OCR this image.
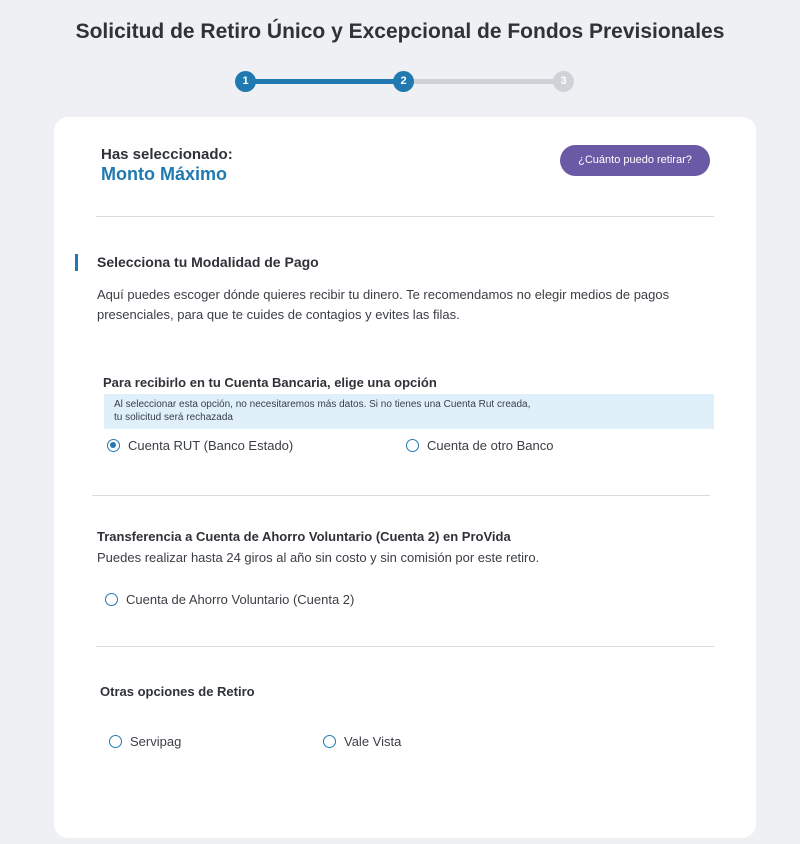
Solicitud de Retiro Único y Excepcional de Fondos Previsionales
1	2	3
Has seleccionado:
Monto Máximo
¿Cuánto puedo retirar?
Selecciona tu Modalidad de Pago
Aquí puedes escoger dónde quieres recibir tu dinero. Te recomendamos no elegir medios de pagos
presenciales, para que te cuides de contagios y evites las filas.
Para recibirlo en tu Cuenta Bancaria, elige una opción
Al seleccionar esta opción, no necesitaremos más datos. Si no tienes una Cuenta Rut creada,
tu solicitud será rechazada
Cuenta RUT (Banco Estado)	Cuenta de otro Banco
Transferencia a Cuenta de Ahorro Voluntario (Cuenta 2) en ProVida
Puedes realizar hasta 24 giros al año sin costo y sin comisión por este retiro.
Cuenta de Ahorro Voluntario (Cuenta 2)
Otras opciones de Retiro
Servipag	Vale Vista
